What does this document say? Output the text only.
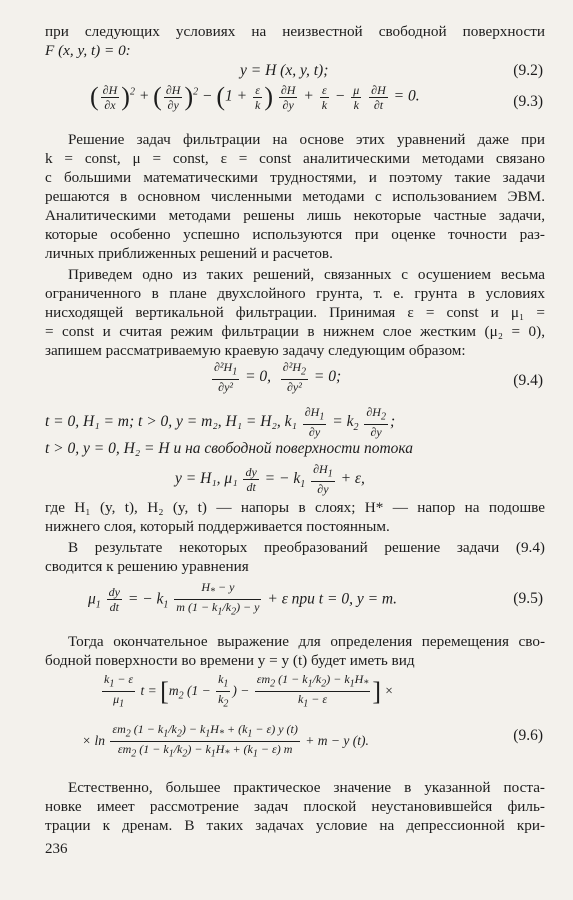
при следующих условиях на неизвестной свободной поверхности
F (x, y, t) = 0:
y = H (x, y, t);	(9.2)
( $\frac{\partial H}{\partial x} )^2$ + ( $\frac{\partial H}{\partial y} )^2 - (1 + \frac{\varepsilon}{k}$ ) $\frac{\partial H}{\partial y} + \frac{\varepsilon}{k} - \frac{\mu}{k}$
$\frac{\partial H}{\partial t} = 0$.	(9.3)
Решение задач фильтрации на основе этих уравнений даже при
k = const, μ = const, ε = const аналитическими методами связано
с большими математическими трудностями, и поэтому такие задачи
решаются в основном численными методами с использованием ЭВМ.
Аналитическими методами решены лишь некоторые частные задачи,
которые особенно успешно используются при оценке точности раз-
личных приближенных решений и расчетов.
Приведем одно из таких решений, связанных с осушением весьма
ограниченного в плане двухслойного грунта, т. е. грунта в условиях
нисходящей вертикальной фильтрации. Принимая ε = const и μ₁ =
= const и считая режим фильтрации в нижнем слое жестким (μ₂ = 0),
запишем рассматриваемую краевую задачу следующим образом:
$\frac{\partial^2H_1}{\text{∂y²}} = 0$, $\frac{\partial^2H_2}{\text{∂y²}} = 0$;
t = 0, H₁ = m; t > 0, y = m₂, H₁ = H₂, $k_1 \frac{\partial H_1}{\partial y} = k_2 \frac{\partial H_2}{\partial y}$ ;
(9.4)
t > 0, y = 0, H₂ = H и на свободной поверхности потока
y = H₁, $\mu_1 \frac{dy}{dt}$ = − $k_1 \frac{\partial H_1}{\partial y} + \varepsilon$,
где H₁ (y, t), H₂ (y, t) — напоры в слоях; H* — напор на подошве
нижнего слоя, который поддерживается постоянным.
В результате некоторых преобразований решение задачи (9.4)
сводится к решению уравнения
$\mu_1 \frac{dy}{dt}$ = − $k_1 \frac{H_* - y}{m (1 - k_1/k_2) - y} + \varepsilon$ при t = 0, y = m.	(9.5)
Тогда окончательное выражение для определения перемещения сво-
бодной поверхности во времени y = y (t) будет иметь вид
$\frac{k_1 - \varepsilon}{\mu_1}$ $t = [m_2$ ($1 - \frac{k_1}{k_2}$ ) − $\frac{\varepsilon m_2 (1 - k_1/k_2) - k_1H_*}{k_1 - \varepsilon}$ ] ×
× $\ln \frac{\varepsilon m_2 (1 - k_1/k_2) - k_1H_* + (k_1 - \varepsilon) y (t)}{\varepsilon m_2 (1 - k_1/k_2) - k_1H_* + (k_1 - \varepsilon) m} + m - y$ (t).	(9.6)
Естественно, большее практическое значение в указанной поста-
новке имеет рассмотрение задач плоской неустановившейся филь-
трации к дренам. В таких задачах условие на депрессионной кри-
236
